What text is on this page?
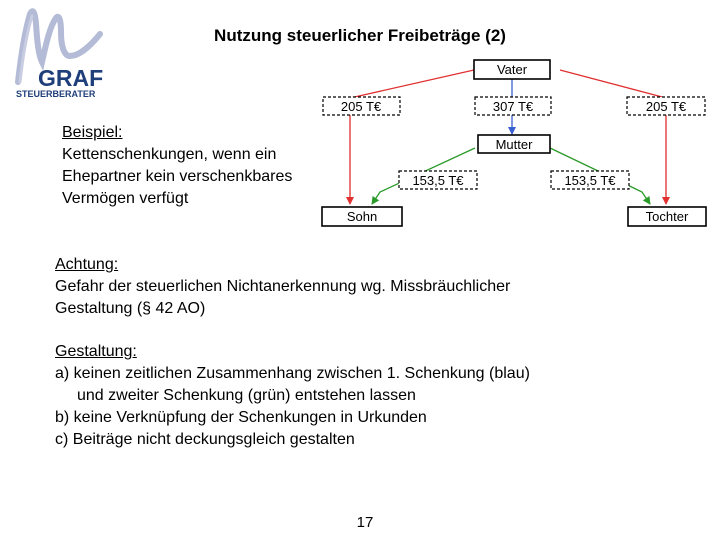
GRAF
STEUERBERATER
Nutzung steuerlicher Freibeträge (2)
Vater
Mutter
Sohn	Tochter
205 T€	307 T€	205 T€
153,5 T€	153,5 T€
Beispiel:
Kettenschenkungen, wenn ein
Ehepartner kein verschenkbares
Vermögen verfügt
Achtung:
Gefahr der steuerlichen Nichtanerkennung wg. Missbräuchlicher
Gestaltung (§ 42 AO)
Gestaltung:
a) keinen zeitlichen Zusammenhang zwischen 1. Schenkung (blau)
und zweiter Schenkung (grün) entstehen lassen
b) keine Verknüpfung der Schenkungen in Urkunden
c) Beiträge nicht deckungsgleich gestalten
17
